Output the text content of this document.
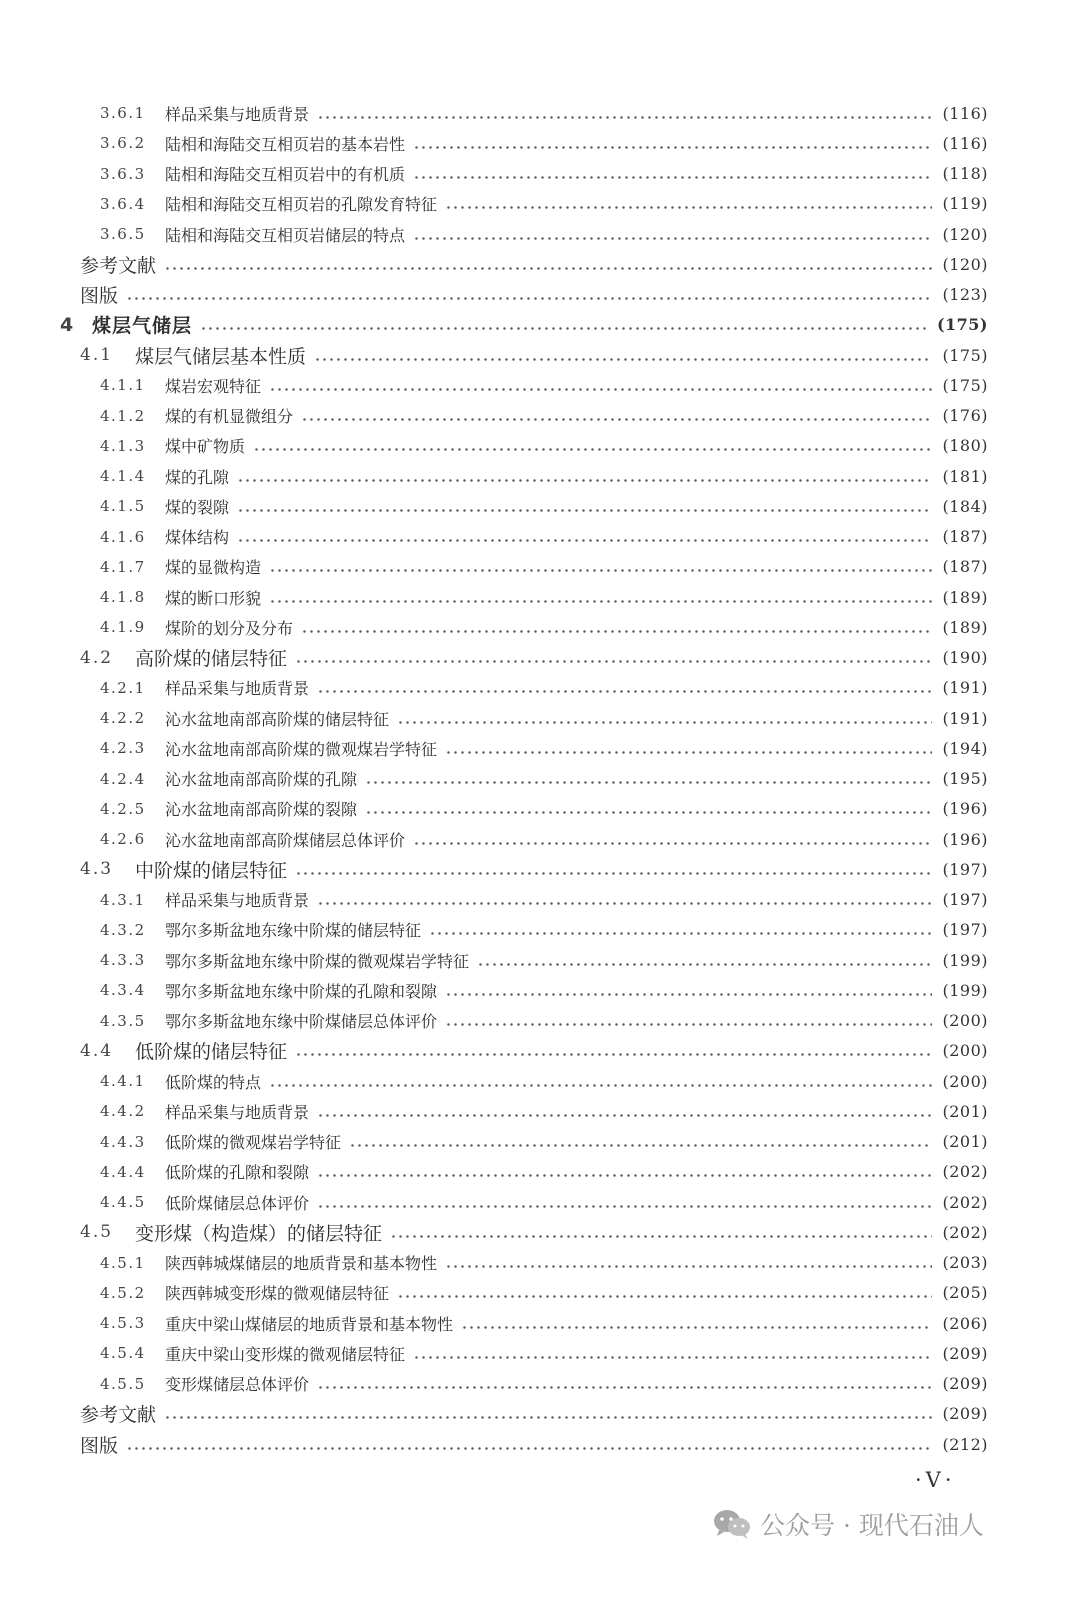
3.6.1	样品采集与地质背景	(116)
3.6.2	陆相和海陆交互相页岩的基本岩性	(116)
3.6.3	陆相和海陆交互相页岩中的有机质	(118)
3.6.4	陆相和海陆交互相页岩的孔隙发育特征	(119)
3.6.5	陆相和海陆交互相页岩储层的特点	(120)
参考文献	(120)
图版	(123)
4 煤层气储层	(175)
4.1	煤层气储层基本性质	(175)
4.1.1	煤岩宏观特征	(175)
4.1.2	煤的有机显微组分	(176)
4.1.3	煤中矿物质	(180)
4.1.4	煤的孔隙	(181)
4.1.5	煤的裂隙	(184)
4.1.6	煤体结构	(187)
4.1.7	煤的显微构造	(187)
4.1.8	煤的断口形貌	(189)
4.1.9	煤阶的划分及分布	(189)
4.2	高阶煤的储层特征	(190)
4.2.1	样品采集与地质背景	(191)
4.2.2	沁水盆地南部高阶煤的储层特征	(191)
4.2.3	沁水盆地南部高阶煤的微观煤岩学特征	(194)
4.2.4	沁水盆地南部高阶煤的孔隙	(195)
4.2.5	沁水盆地南部高阶煤的裂隙	(196)
4.2.6	沁水盆地南部高阶煤储层总体评价	(196)
4.3	中阶煤的储层特征	(197)
4.3.1	样品采集与地质背景	(197)
4.3.2	鄂尔多斯盆地东缘中阶煤的储层特征	(197)
4.3.3	鄂尔多斯盆地东缘中阶煤的微观煤岩学特征	(199)
4.3.4	鄂尔多斯盆地东缘中阶煤的孔隙和裂隙	(199)
4.3.5	鄂尔多斯盆地东缘中阶煤储层总体评价	(200)
4.4	低阶煤的储层特征	(200)
4.4.1	低阶煤的特点	(200)
4.4.2	样品采集与地质背景	(201)
4.4.3	低阶煤的微观煤岩学特征	(201)
4.4.4	低阶煤的孔隙和裂隙	(202)
4.4.5	低阶煤储层总体评价	(202)
4.5	变形煤（构造煤）的储层特征	(202)
4.5.1	陕西韩城煤储层的地质背景和基本物性	(203)
4.5.2	陕西韩城变形煤的微观储层特征	(205)
4.5.3	重庆中梁山煤储层的地质背景和基本物性	(206)
4.5.4	重庆中梁山变形煤的微观储层特征	(209)
4.5.5	变形煤储层总体评价	(209)
参考文献	(209)
图版	(212)
·V·
公众号 · 现代石油人
